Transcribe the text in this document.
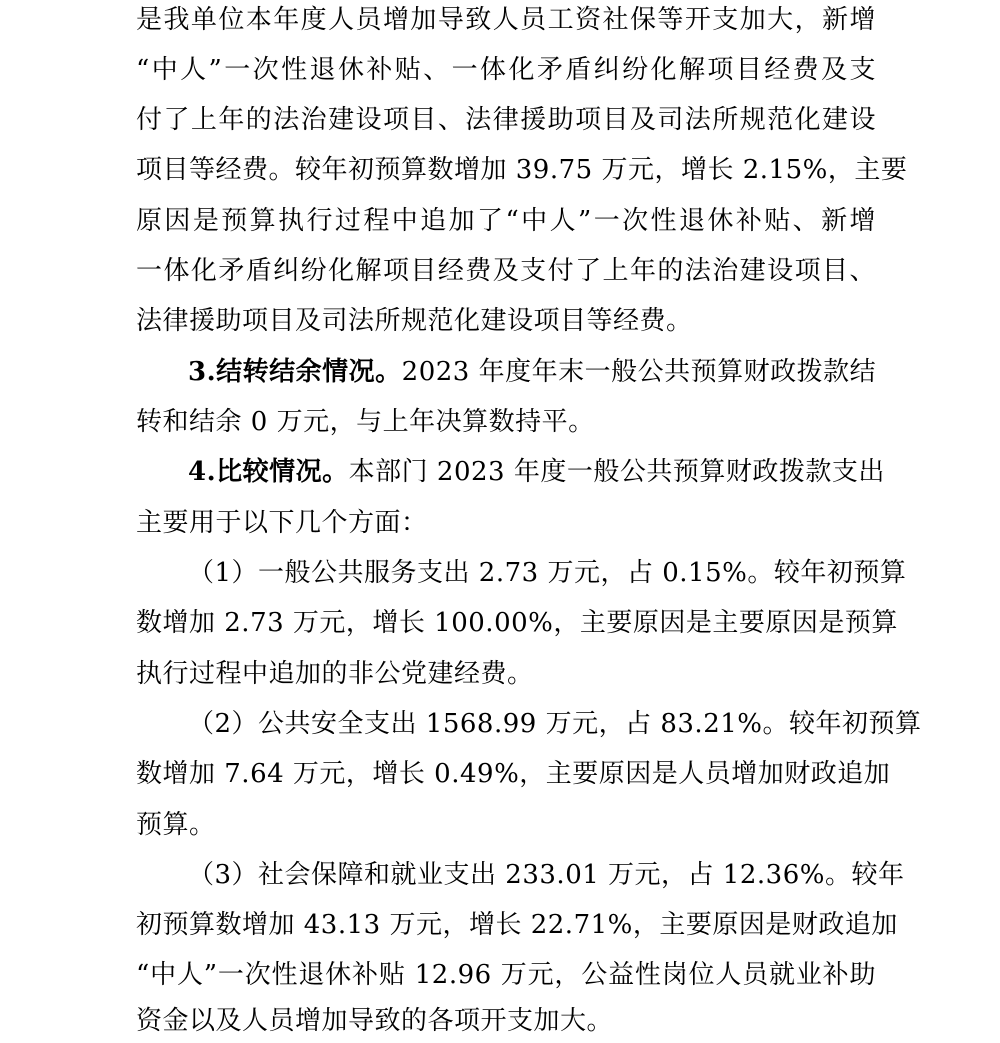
是我单位本年度人员增加导致人员工资社保等开支加大，新增
“中人”一次性退休补贴、一体化矛盾纠纷化解项目经费及支
付了上年的法治建设项目、法律援助项目及司法所规范化建设
项目等经费。较年初预算数增加 39.75 万元，增长 2.15%，主要
原因是预算执行过程中追加了“中人”一次性退休补贴、新增
一体化矛盾纠纷化解项目经费及支付了上年的法治建设项目、
法律援助项目及司法所规范化建设项目等经费。
3.结转结余情况。2023 年度年末一般公共预算财政拨款结
转和结余 0 万元，与上年决算数持平。
4.比较情况。本部门 2023 年度一般公共预算财政拨款支出
主要用于以下几个方面：
（1）一般公共服务支出 2.73 万元，占 0.15%。较年初预算
数增加 2.73 万元，增长 100.00%，主要原因是主要原因是预算
执行过程中追加的非公党建经费。
（2）公共安全支出 1568.99 万元，占 83.21%。较年初预算
数增加 7.64 万元，增长 0.49%，主要原因是人员增加财政追加
预算。
（3）社会保障和就业支出 233.01 万元，占 12.36%。较年
初预算数增加 43.13 万元，增长 22.71%，主要原因是财政追加
“中人”一次性退休补贴 12.96 万元，公益性岗位人员就业补助
资金以及人员增加导致的各项开支加大。
